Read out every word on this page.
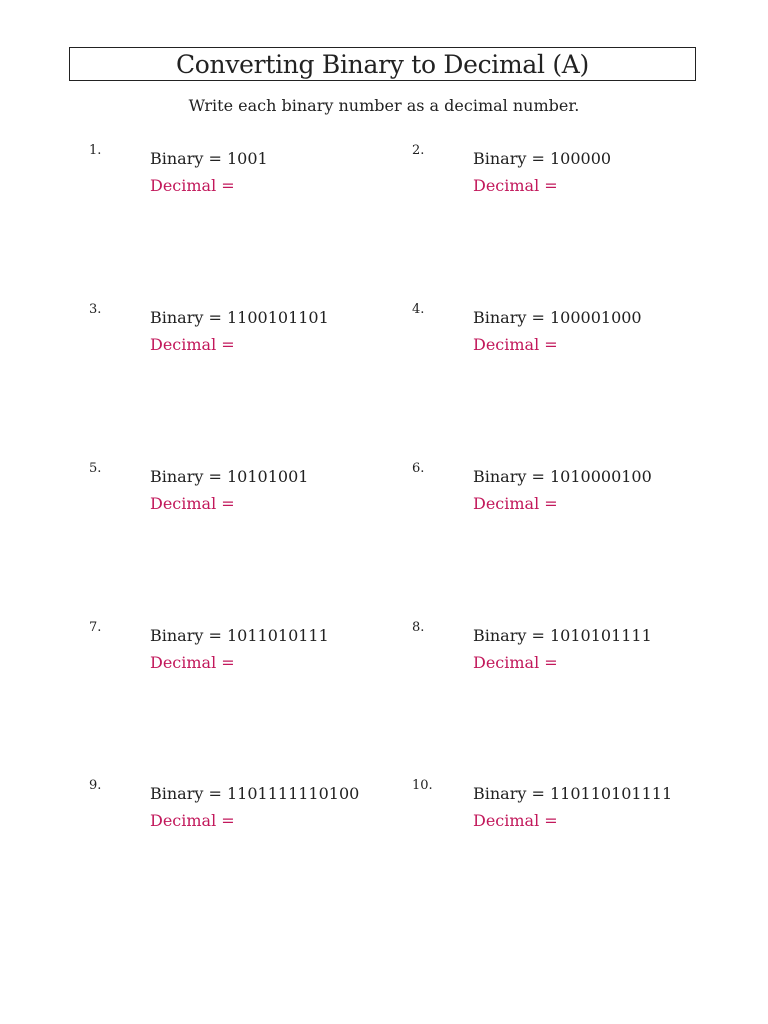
Converting Binary to Decimal (A)
Write each binary number as a decimal number.
1.	Binary = 1001
Decimal =
2.	Binary = 100000
Decimal =
3.	Binary = 1100101101
Decimal =
4.	Binary = 100001000
Decimal =
5.	Binary = 10101001
Decimal =
6.	Binary = 1010000100
Decimal =
7.	Binary = 1011010111
Decimal =
8.	Binary = 1010101111
Decimal =
9.	Binary = 1101111110100
Decimal =
10.	Binary = 110110101111
Decimal =
